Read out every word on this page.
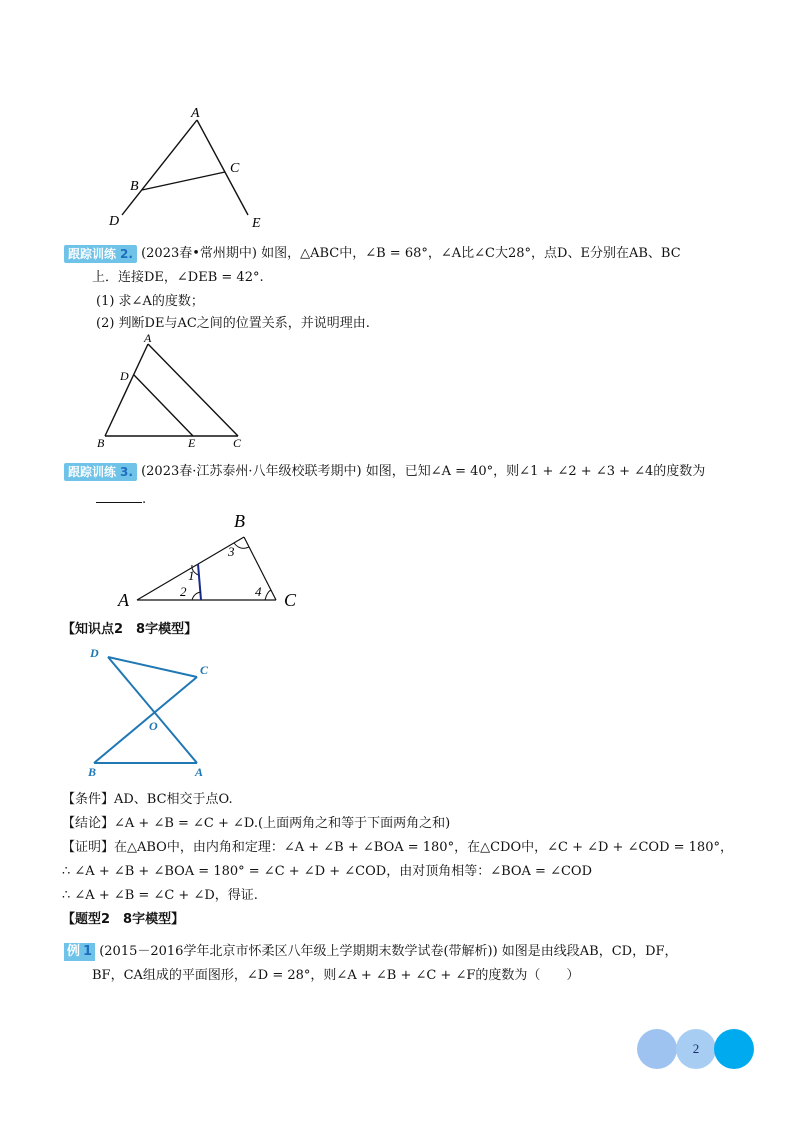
A
B
C
D	E
跟踪训练 2. (2023春•常州期中) 如图，△ABC中，∠B = 68°，∠A比∠C大28°，点D、E分别在AB、BC
上．连接DE，∠DEB = 42°.
(1) 求∠A的度数；
(2) 判断DE与AC之间的位置关系，并说明理由.
A
D
B	E	C
跟踪训练 3. (2023春·江苏泰州·八年级校联考期中) 如图，已知∠A = 40°，则∠1 + ∠2 + ∠3 + ∠4的度数为
.
A
B
C
1
2
3
4
【知识点2　8字模型】
D
C
O
B	A
【条件】AD、BC相交于点O.
【结论】∠A + ∠B = ∠C + ∠D.(上面两角之和等于下面两角之和)
【证明】在△ABO中，由内角和定理：∠A + ∠B + ∠BOA = 180°，在△CDO中，∠C + ∠D + ∠COD = 180°，
∴ ∠A + ∠B + ∠BOA = 180° = ∠C + ∠D + ∠COD，由对顶角相等：∠BOA = ∠COD
∴ ∠A + ∠B = ∠C + ∠D，得证.
【题型2　8字模型】
例 1 (2015－2016学年北京市怀柔区八年级上学期期末数学试卷(带解析)) 如图是由线段AB，CD，DF，
BF，CA组成的平面图形，∠D = 28°，则∠A + ∠B + ∠C + ∠F的度数为（　　）
2
